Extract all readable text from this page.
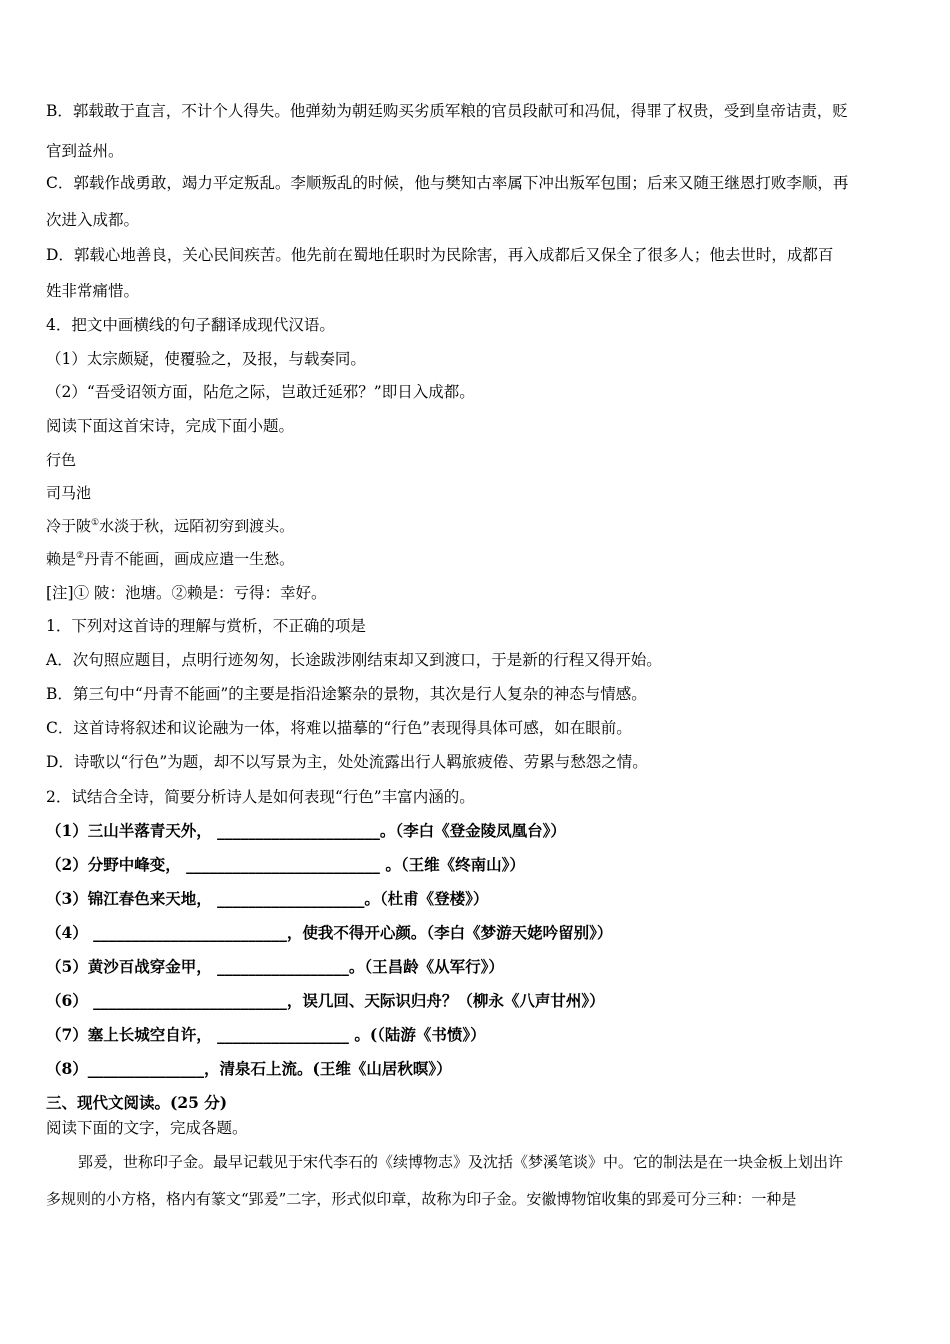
B．郭载敢于直言，不计个人得失。他弹劾为朝廷购买劣质军粮的官员段献可和冯侃，得罪了权贵，受到皇帝诘责，贬
官到益州。
C．郭载作战勇敢，竭力平定叛乱。李顺叛乱的时候，他与樊知古率属下冲出叛军包围；后来又随王继恩打败李顺，再
次进入成都。
D．郭载心地善良，关心民间疾苦。他先前在蜀地任职时为民除害，再入成都后又保全了很多人；他去世时，成都百
姓非常痛惜。
4．把文中画横线的句子翻译成现代汉语。
（1）太宗颇疑，使覆验之，及报，与载奏同。
（2）“吾受诏领方面，阽危之际，岂敢迁延邪？”即日入成都。
阅读下面这首宋诗，完成下面小题。
行色
司马池
冷于陂①水淡于秋，远陌初穷到渡头。
赖是②丹青不能画，画成应遣一生愁。
[注]① 陂：池塘。②赖是：亏得：幸好。
1．下列对这首诗的理解与赏析，不正确的项是
A．次句照应题目，点明行迹匆匆，长途跋涉刚结束却又到渡口，于是新的行程又得开始。
B．第三句中“丹青不能画”的主要是指沿途繁杂的景物，其次是行人复杂的神态与情感。
C．这首诗将叙述和议论融为一体，将难以描摹的“行色”表现得具体可感，如在眼前。
D．诗歌以“行色”为题，却不以写景为主，处处流露出行人羁旅疲倦、劳累与愁怨之情。
2．试结合全诗，简要分析诗人是如何表现“行色”丰富内涵的。
（1）三山半落青天外， _____________________。（李白《登金陵凤凰台》）
（2）分野中峰变， _________________________ 。（王维《终南山》）
（3）锦江春色来天地， ___________________。（杜甫《登楼》）
（4） _________________________，使我不得开心颜。（李白《梦游天姥吟留别》）
（5）黄沙百战穿金甲， _________________。（王昌龄《从军行》）
（6） _________________________，误几回、天际识归舟？（柳永《八声甘州》）
（7）塞上长城空自许， _________________ 。(（陆游《书愤》）
（8）_______________，清泉石上流。(王维《山居秋暝》）
三、现代文阅读。(25 分)
阅读下面的文字，完成各题。
郢爰，世称印子金。最早记载见于宋代李石的《续博物志》及沈括《梦溪笔谈》中。它的制法是在一块金板上划出许
多规则的小方格，格内有篆文“郢爰”二字，形式似印章，故称为印子金。安徽博物馆收集的郢爰可分三种：一种是
